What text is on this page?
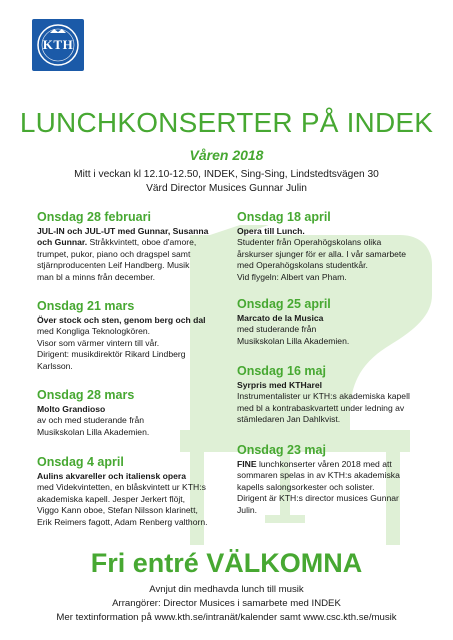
KTH
LUNCHKONSERTER PÅ INDEK
Våren 2018
Mitt i veckan kl 12.10-12.50, INDEK, Sing-Sing, Lindstedtsvägen 30
Värd Director Musices Gunnar Julin
Onsdag 28 februari
JUL-IN och JUL-UT med Gunnar, Susanna
och Gunnar. Stråkkvintett, oboe d'amore,
trumpet, pukor, piano och dragspel samt
stjärnproducenten Leif Handberg. Musik
man bl a minns från december.
Onsdag 21 mars
Över stock och sten, genom berg och dal
med Kongliga Teknologkören.
Visor som värmer vintern till vår.
Dirigent: musikdirektör Rikard Lindberg
Karlsson.
Onsdag 28 mars
Molto Grandioso
av och med studerande från
Musikskolan Lilla Akademien.
Onsdag 4 april
Aulins akvareller och italiensk opera
med Videkvintetten, en blåskvintett ur KTH:s
akademiska kapell. Jesper Jerkert flöjt,
Viggo Kann oboe, Stefan Nilsson klarinett,
Erik Reimers fagott, Adam Renberg valthorn.
Onsdag 18 april
Opera till Lunch.
Studenter från Operahögskolans olika
årskurser sjunger för er alla. I vår samarbete
med Operahögskolans studentkår.
Vid flygeln: Albert van Pham.
Onsdag 25 april
Marcato de la Musica
med studerande från
Musikskolan Lilla Akademien.
Onsdag 16 maj
Syrpris med KTHarel
Instrumentalister ur KTH:s akademiska kapell
med bl a kontrabaskvartett under ledning av
stämledaren Jan Dahlkvist.
Onsdag 23 maj
FINE lunchkonserter våren 2018 med att
sommaren spelas in av KTH:s akademiska
kapells salongsorkester och solister.
Dirigent är KTH:s director musices Gunnar
Julin.
Fri entré VÄLKOMNA
Avnjut din medhavda lunch till musik
Arrangörer: Director Musices i samarbete med INDEK
Mer textinformation på www.kth.se/intranät/kalender samt www.csc.kth.se/musik
